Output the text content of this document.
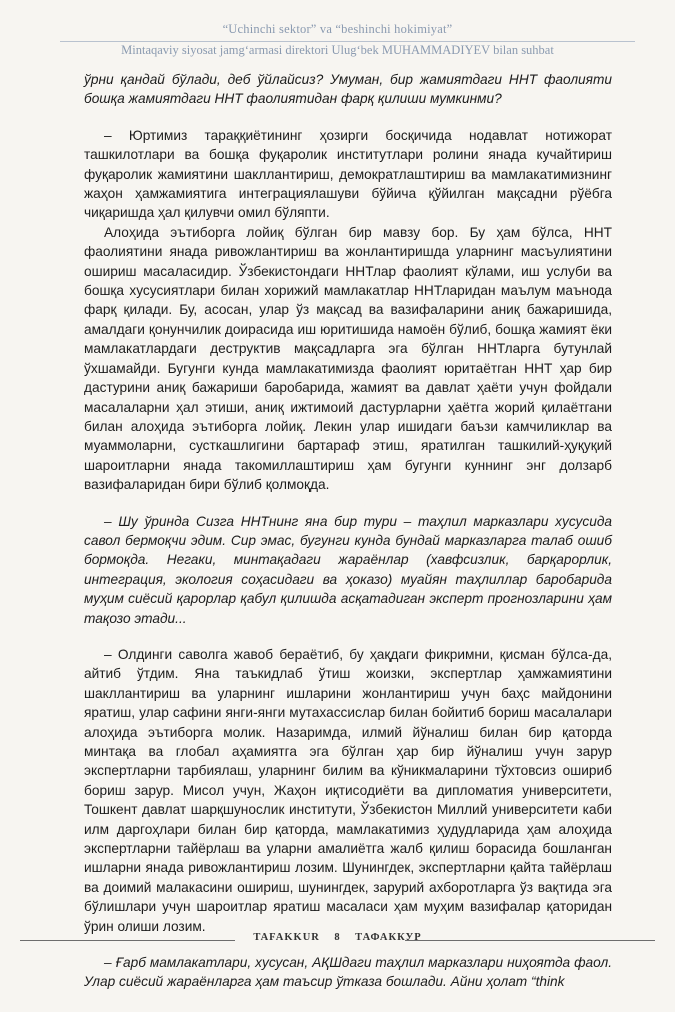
“Uchinchi sektor” va “beshinchi hokimiyat”
Mintaqaviy siyosat jamg‘armasi direktori Ulug‘bek MUHAMMADIYEV bilan suhbat

ўрни қандай бўлади, деб ўйлайсиз? Умуман, бир жамиятдаги ННТ фаолияти бошқа жамиятдаги ННТ фаолиятидан фарқ қилиши мумкинми?

– Юртимиз тараққиётининг ҳозирги босқичида нодавлат нотижорат ташкилотлари ва бошқа фуқаролик институтлари ролини янада кучайтириш фуқаролик жамиятини шакллантириш, демократлаштириш ва мамлакатимизнинг жаҳон ҳамжамиятига интеграциялашуви бўйича қўйилган мақсадни рўёбга чиқаришда ҳал қилувчи омил бўляпти.

Алоҳида эътиборга лойиқ бўлган бир мавзу бор. Бу ҳам бўлса, ННТ фаолиятини янада ривожлантириш ва жонлантиришда уларнинг масъулиятини ошириш масаласидир. Ўзбекистондаги ННТлар фаолият кўлами, иш услуби ва бошқа хусусиятлари билан хорижий мамлакатлар ННТларидан маълум маънода фарқ қилади. Бу, асосан, улар ўз мақсад ва вазифаларини аниқ бажаришида, амалдаги қонунчилик доирасида иш юритишида намоён бўлиб, бошқа жамият ёки мамлакатлардаги деструктив мақсадларга эга бўлган ННТларга бутунлай ўхшамайди. Бугунги кунда мамлакатимизда фаолият юритаётган ННТ ҳар бир дастурини аниқ бажариши баробарида, жамият ва давлат ҳаёти учун фойдали масалаларни ҳал этиши, аниқ ижтимоий дастурларни ҳаётга жорий қилаётгани билан алоҳида эътиборга лойиқ. Лекин улар ишидаги баъзи камчиликлар ва муаммоларни, сусткашлигини бартараф этиш, яратилган ташкилий-ҳуқуқий шароитларни янада такомиллаштириш ҳам бугунги куннинг энг долзарб вазифаларидан бири бўлиб қолмоқда.

– Шу ўринда Сизга ННТнинг яна бир тури – таҳлил марказлари хусусида савол бермоқчи эдим. Сир эмас, бугунги кунда бундай марказларга талаб ошиб бормоқда. Негаки, минтақадаги жараёнлар (хавфсизлик, барқарорлик, интеграция, экология соҳасидаги ва ҳоказо) муайян таҳлиллар баробарида муҳим сиёсий қарорлар қабул қилишда асқатадиган эксперт прогнозларини ҳам тақозо этади...

– Олдинги саволга жавоб бераётиб, бу ҳақдаги фикримни, қисман бўлса-да, айтиб ўтдим. Яна таъкидлаб ўтиш жоизки, экспертлар ҳамжамиятини шакллантириш ва уларнинг ишларини жонлантириш учун баҳс майдонини яратиш, улар сафини янги-янги мутахассислар билан бойитиб бориш масалалари алоҳида эътиборга молик. Назаримда, илмий йўналиш билан бир қаторда минтақа ва глобал аҳамиятга эга бўлган ҳар бир йўналиш учун зарур экспертларни тарбиялаш, уларнинг билим ва кўникмаларини тўхтовсиз ошириб бориш зарур. Мисол учун, Жаҳон иқтисодиёти ва дипломатия университети, Тошкент давлат шарқшунослик институти, Ўзбекистон Миллий университети каби илм даргоҳлари билан бир қаторда, мамлакатимиз ҳудудларида ҳам алоҳида экспертларни тайёрлаш ва уларни амалиётга жалб қилиш борасида бошланган ишларни янада ривожлантириш лозим. Шунингдек, экспертларни қайта тайёрлаш ва доимий малакасини ошириш, шунингдек, зарурий ахборотларга ўз вақтида эга бўлишлари учун шароитлар яратиш масаласи ҳам муҳим вазифалар қаторидан ўрин олиши лозим.

– Ғарб мамлакатлари, хусусан, АҚШдаги таҳлил марказлари ниҳоятда фаол. Улар сиёсий жараёнларга ҳам таъсир ўтказа бошлади. Айни ҳолат “think

TAFAKKUR 8 ТАФАККУР
